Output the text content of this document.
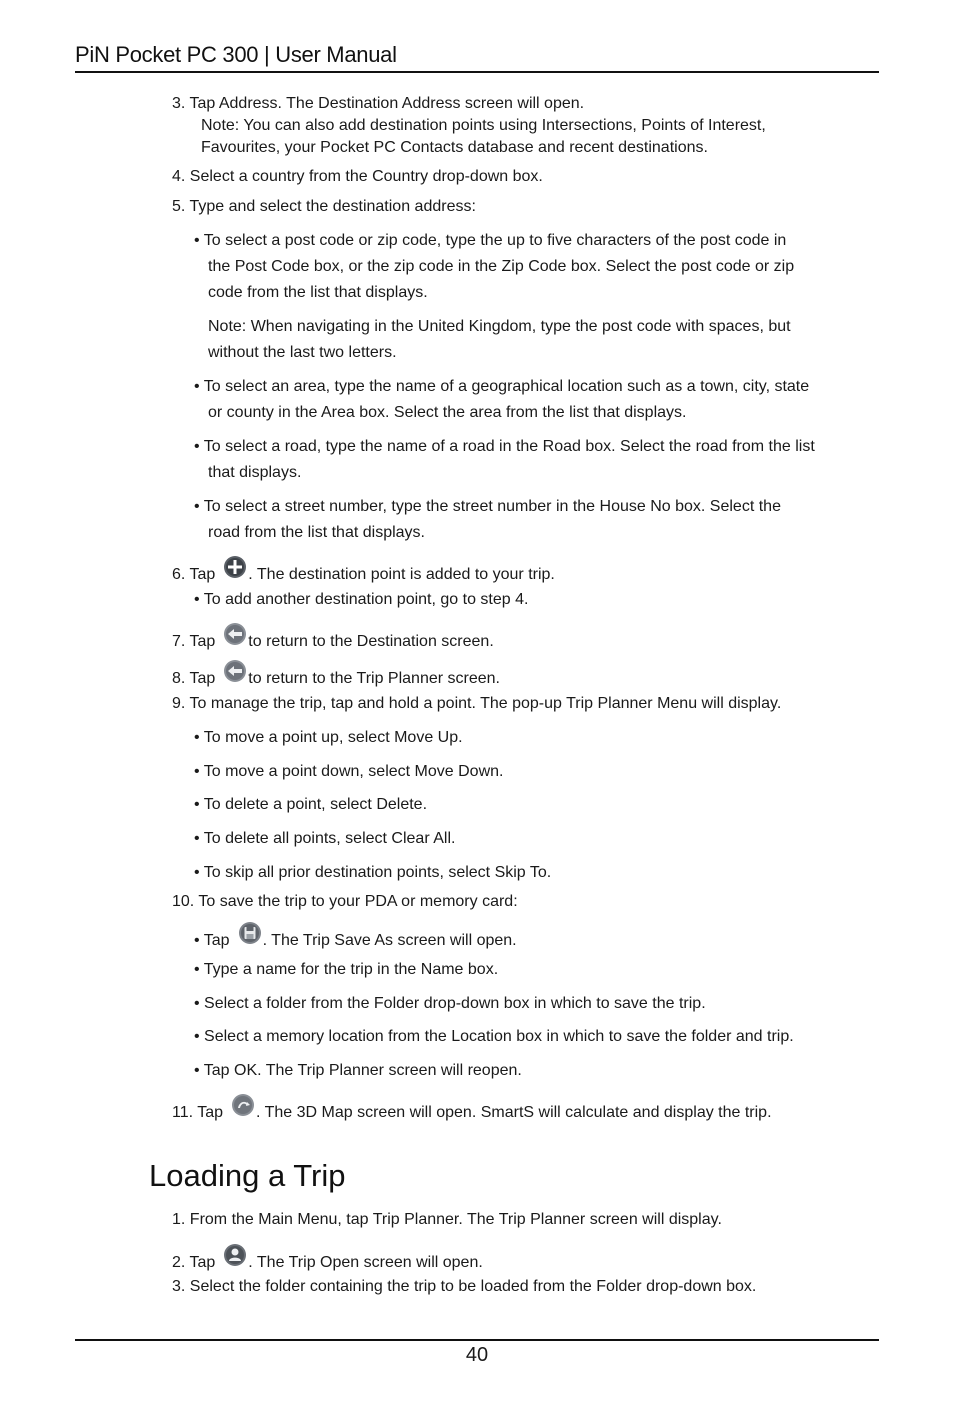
PiN Pocket PC 300 | User Manual
3. Tap Address. The Destination Address screen will open.
Note: You can also add destination points using Intersections, Points of Interest,
Favourites, your Pocket PC Contacts database and recent destinations.
4. Select a country from the Country drop-down box.
5. Type and select the destination address:
• To select a post code or zip code, type the up to five characters of the post code in
the Post Code box, or the zip code in the Zip Code box. Select the post code or zip
code from the list that displays.
Note: When navigating in the United Kingdom, type the post code with spaces, but
without the last two letters.
• To select an area, type the name of a geographical location such as a town, city, state
or county in the Area box. Select the area from the list that displays.
• To select a road, type the name of a road in the Road box. Select the road from the list
that displays.
• To select a street number, type the street number in the House No box. Select the
road from the list that displays.
6. Tap . The destination point is added to your trip.
• To add another destination point, go to step 4.
7. Tap to return to the Destination screen.
8. Tap to return to the Trip Planner screen.
9. To manage the trip, tap and hold a point. The pop-up Trip Planner Menu will display.
• To move a point up, select Move Up.
• To move a point down, select Move Down.
• To delete a point, select Delete.
• To delete all points, select Clear All.
• To skip all prior destination points, select Skip To.
10. To save the trip to your PDA or memory card:
• Tap . The Trip Save As screen will open.
• Type a name for the trip in the Name box.
• Select a folder from the Folder drop-down box in which to save the trip.
• Select a memory location from the Location box in which to save the folder and trip.
• Tap OK. The Trip Planner screen will reopen.
11. Tap . The 3D Map screen will open. SmartS will calculate and display the trip.
Loading a Trip
1. From the Main Menu, tap Trip Planner. The Trip Planner screen will display.
2. Tap . The Trip Open screen will open.
3. Select the folder containing the trip to be loaded from the Folder drop-down box.
40
